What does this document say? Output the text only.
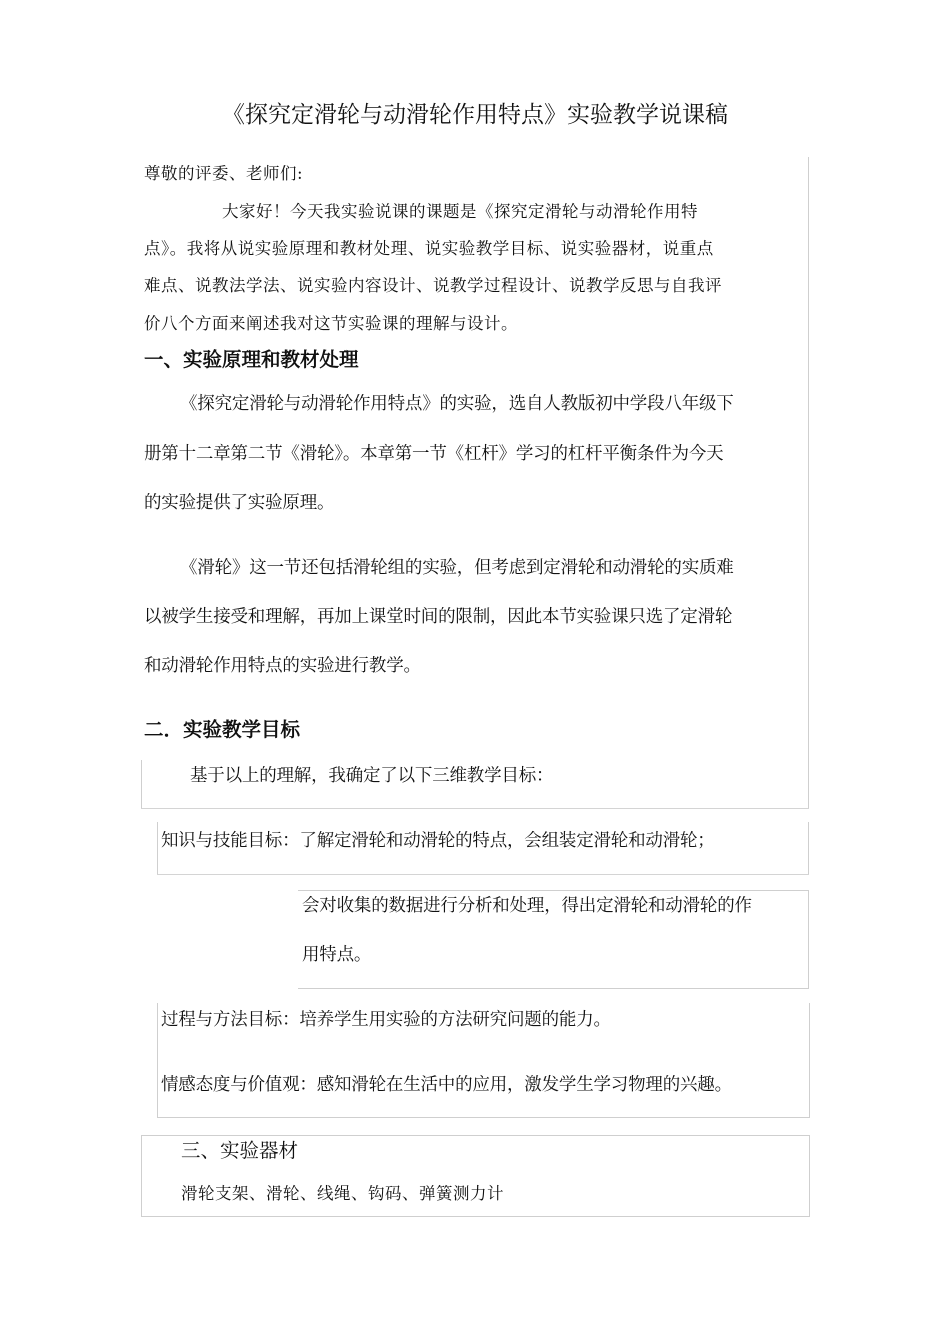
《探究定滑轮与动滑轮作用特点》实验教学说课稿
尊敬的评委、老师们:
大家好！今天我实验说课的课题是《探究定滑轮与动滑轮作用特
点》。我将从说实验原理和教材处理、说实验教学目标、说实验器材，说重点
难点、说教法学法、说实验内容设计、说教学过程设计、说教学反思与自我评
价八个方面来阐述我对这节实验课的理解与设计。
一、实验原理和教材处理
《探究定滑轮与动滑轮作用特点》的实验，选自人教版初中学段八年级下
册第十二章第二节《滑轮》。本章第一节《杠杆》学习的杠杆平衡条件为今天
的实验提供了实验原理。
《滑轮》这一节还包括滑轮组的实验，但考虑到定滑轮和动滑轮的实质难
以被学生接受和理解，再加上课堂时间的限制，因此本节实验课只选了定滑轮
和动滑轮作用特点的实验进行教学。
二．实验教学目标
基于以上的理解，我确定了以下三维教学目标：
知识与技能目标：了解定滑轮和动滑轮的特点，会组装定滑轮和动滑轮；
会对收集的数据进行分析和处理，得出定滑轮和动滑轮的作
用特点。
过程与方法目标：培养学生用实验的方法研究问题的能力。
情感态度与价值观：感知滑轮在生活中的应用，激发学生学习物理的兴趣。
三、实验器材
滑轮支架、滑轮、线绳、钩码、弹簧测力计
